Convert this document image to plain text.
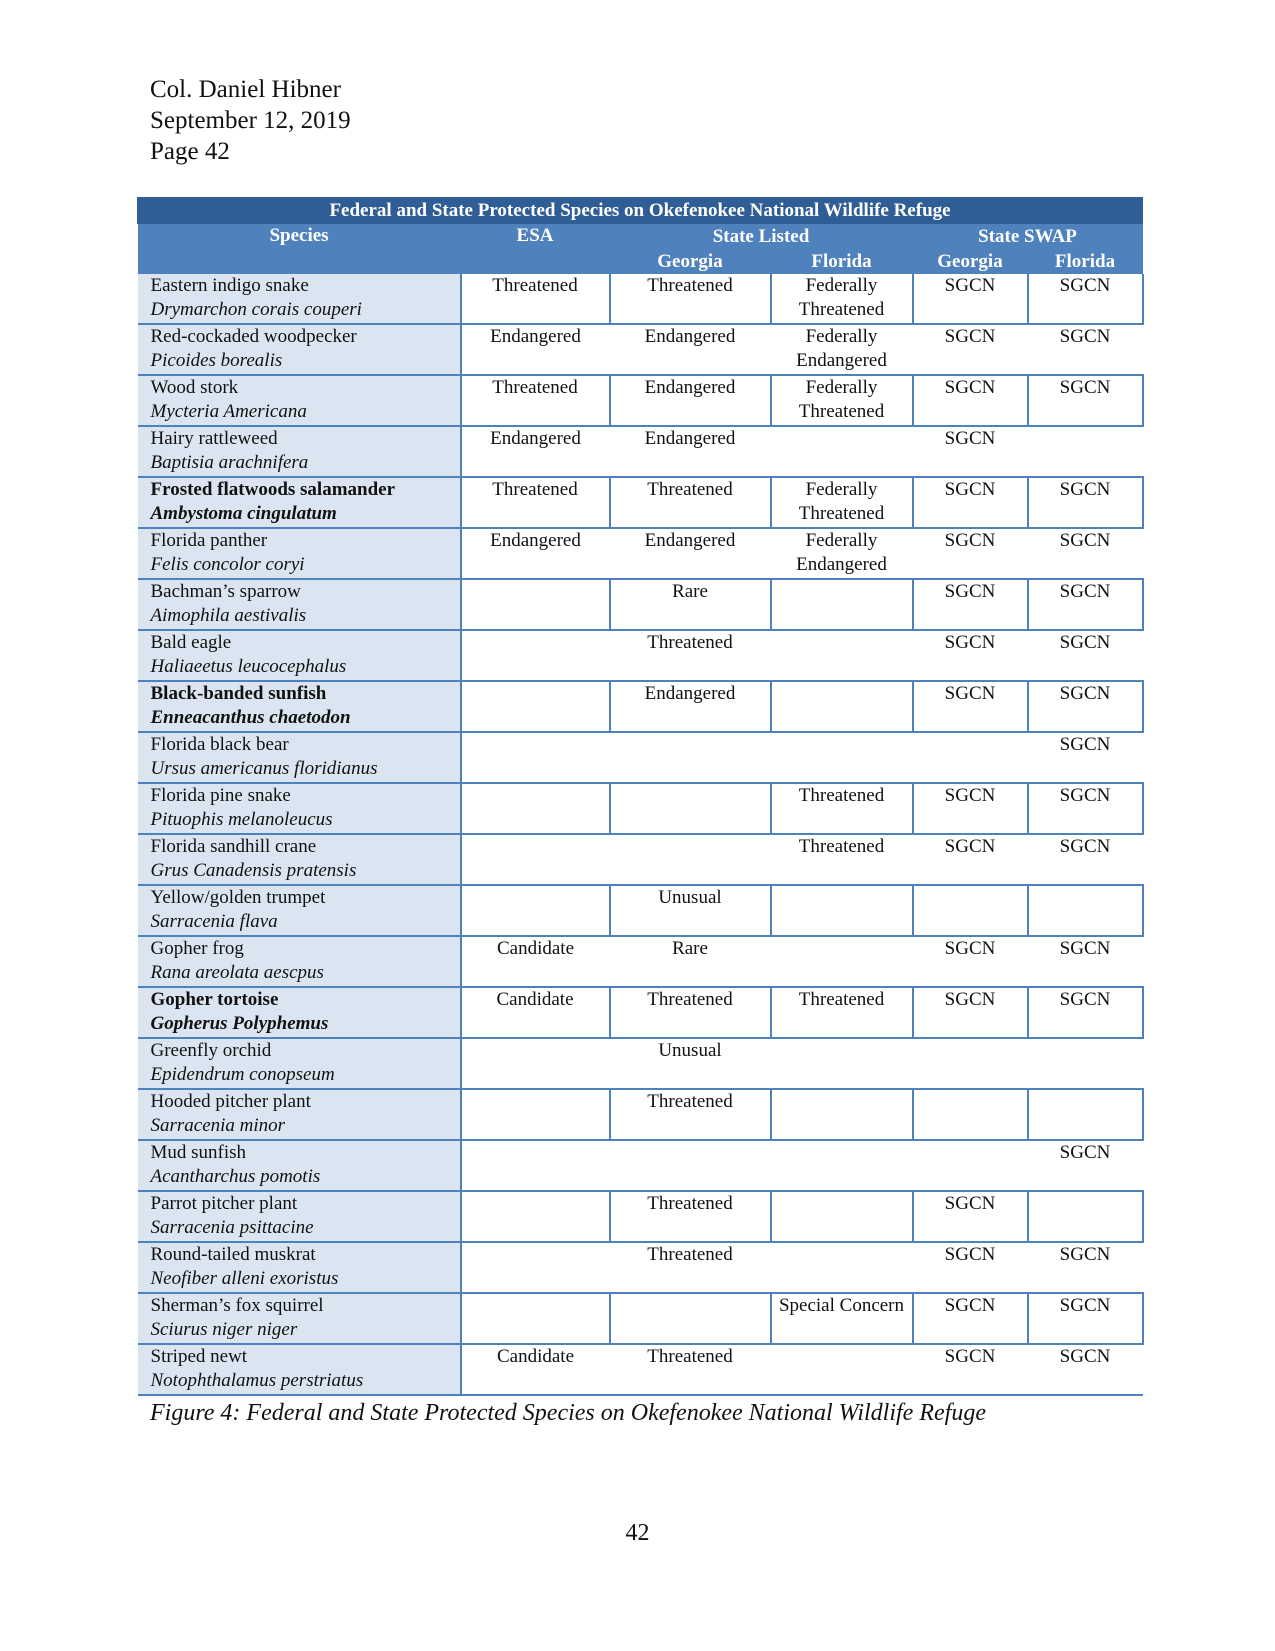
Col. Daniel Hibner
September 12, 2019
Page 42
Federal and State Protected Species on Okefenokee National Wildlife Refuge					
Species	ESA	State Listed		State SWAP	
		Georgia	Florida	Georgia	Florida

Eastern indigo snake
Drymarchon corais couperi	Threatened	Threatened	Federally Threatened	SGCN	SGCN

Red-cockaded woodpecker
Picoides borealis	Endangered	Endangered	Federally Endangered	SGCN	SGCN

Wood stork
Mycteria Americana	Threatened	Endangered	Federally Threatened	SGCN	SGCN

Hairy rattleweed
Baptisia arachnifera	Endangered	Endangered		SGCN	

Frosted flatwoods salamander
Ambystoma cingulatum	Threatened	Threatened	Federally Threatened	SGCN	SGCN

Florida panther
Felis concolor coryi	Endangered	Endangered	Federally Endangered	SGCN	SGCN

Bachman’s sparrow
Aimophila aestivalis		Rare		SGCN	SGCN

Bald eagle
Haliaeetus leucocephalus		Threatened		SGCN	SGCN

Black-banded sunfish
Enneacanthus chaetodon		Endangered		SGCN	SGCN

Florida black bear
Ursus americanus floridianus					SGCN

Florida pine snake
Pituophis melanoleucus			Threatened	SGCN	SGCN

Florida sandhill crane
Grus Canadensis pratensis			Threatened	SGCN	SGCN

Yellow/golden trumpet
Sarracenia flava		Unusual			

Gopher frog
Rana areolata aescpus	Candidate	Rare		SGCN	SGCN

Gopher tortoise
Gopherus Polyphemus	Candidate	Threatened	Threatened	SGCN	SGCN

Greenfly orchid
Epidendrum conopseum		Unusual			

Hooded pitcher plant
Sarracenia minor		Threatened			

Mud sunfish
Acantharchus pomotis					SGCN

Parrot pitcher plant
Sarracenia psittacine		Threatened		SGCN	

Round-tailed muskrat
Neofiber alleni exoristus		Threatened		SGCN	SGCN

Sherman’s fox squirrel
Sciurus niger niger			Special Concern	SGCN	SGCN

Striped newt
Notophthalamus perstriatus	Candidate	Threatened		SGCN	SGCN
Figure 4: Federal and State Protected Species on Okefenokee National Wildlife Refuge
42
